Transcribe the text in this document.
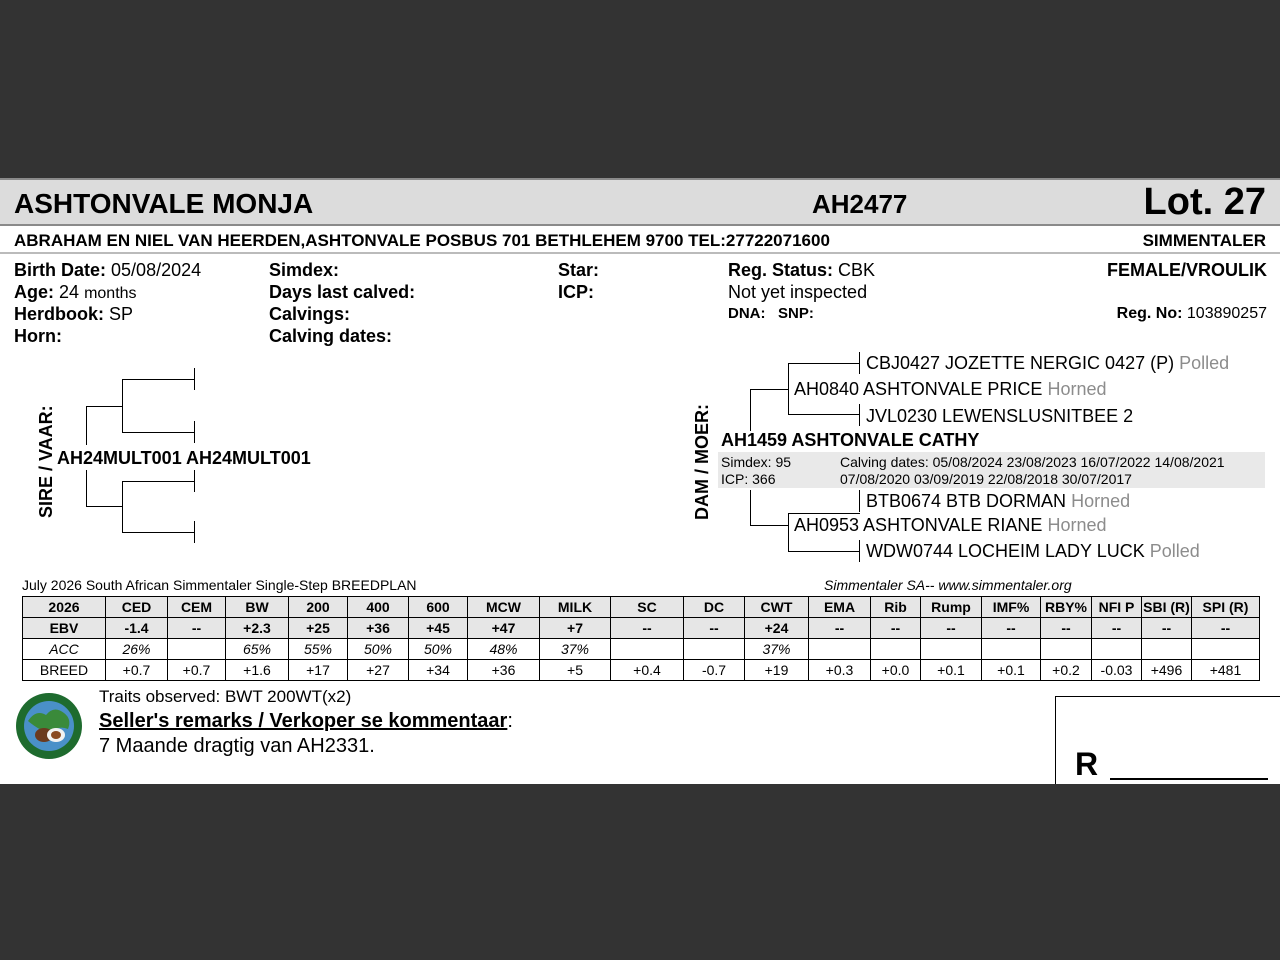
ASHTONVALE MONJA	AH2477	Lot. 27
ABRAHAM EN NIEL VAN HEERDEN,ASHTONVALE POSBUS 701 BETHLEHEM 9700 TEL:27722071600	SIMMENTALER
Birth Date: 05/08/2024
Age: 24 months
Herdbook: SP
Horn:
Simdex:
Days last calved:
Calvings:
Calving dates:
Star:
ICP:
Reg. Status: CBK
Not yet inspected
DNA: SNP:
FEMALE/VROULIK
Reg. No: 103890257
SIRE / VAAR: AH24MULT001 AH24MULT001	DAM / MOER:
CBJ0427 JOZETTE NERGIC 0427 (P) Polled
AH0840 ASHTONVALE PRICE Horned
JVL0230 LEWENSLUSNITBEE 2
AH1459 ASHTONVALE CATHY
Simdex: 95
ICP: 366
Calving dates: 05/08/2024 23/08/2023 16/07/2022 14/08/2021
07/08/2020 03/09/2019 22/08/2018 30/07/2017
BTB0674 BTB DORMAN Horned
AH0953 ASHTONVALE RIANE Horned
WDW0744 LOCHEIM LADY LUCK Polled
July 2026 South African Simmentaler Single-Step BREEDPLAN	Simmentaler SA-- www.simmentaler.org
2026	CED	CEM	BW	200	400	600	MCW	MILK	SC	DC	CWT	EMA	Rib	Rump	IMF%	RBY%	NFI P	SBI (R)	SPI (R)
EBV	-1.4	--	+2.3	+25	+36	+45	+47	+7	--	--	+24	--	--	--	--	--	--	--	--
ACC	26%		65%	55%	50%	50%	48%	37%			37%								
BREED	+0.7	+0.7	+1.6	+17	+27	+34	+36	+5	+0.4	-0.7	+19	+0.3	+0.0	+0.1	+0.1	+0.2	-0.03	+496	+481
Traits observed: BWT 200WT(x2)
Seller's remarks / Verkoper se kommentaar:
7 Maande dragtig van AH2331.	R
